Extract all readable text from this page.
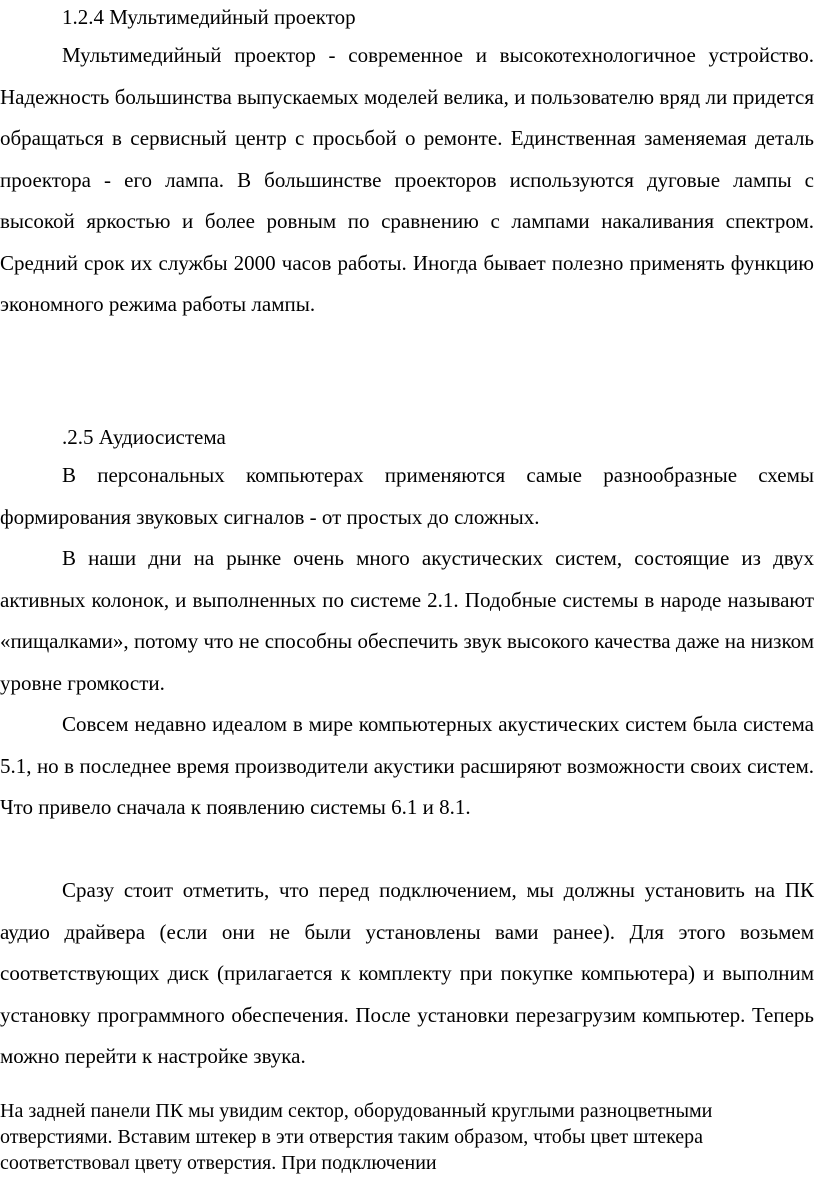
1.2.4 Мультимедийный проектор

Мультимедийный проектор - современное и высокотехнологичное устройство. Надежность большинства выпускаемых моделей велика, и пользователю вряд ли придется обращаться в сервисный центр с просьбой о ремонте. Единственная заменяемая деталь проектора - его лампа. В большинстве проекторов используются дуговые лампы с высокой яркостью и более ровным по сравнению с лампами накаливания спектром. Средний срок их службы 2000 часов работы. Иногда бывает полезно применять функцию экономного режима работы лампы.

.2.5 Аудиосистема

В персональных компьютерах применяются самые разнообразные схемы формирования звуковых сигналов - от простых до сложных.

В наши дни на рынке очень много акустических систем, состоящие из двух активных колонок, и выполненных по системе 2.1. Подобные системы в народе называют «пищалками», потому что не способны обеспечить звук высокого качества даже на низком уровне громкости.

Совсем недавно идеалом в мире компьютерных акустических систем была система 5.1, но в последнее время производители акустики расширяют возможности своих систем. Что привело сначала к появлению системы 6.1 и 8.1.

Сразу стоит отметить, что перед подключением, мы должны установить на ПК аудио драйвера (если они не были установлены вами ранее). Для этого возьмем соответствующих диск (прилагается к комплекту при покупке компьютера) и выполним установку программного обеспечения. После установки перезагрузим компьютер. Теперь можно перейти к настройке звука.

На задней панели ПК мы увидим сектор, оборудованный круглыми разноцветными отверстиями. Вставим штекер в эти отверстия таким образом, чтобы цвет штекера соответствовал цвету отверстия. При подключении
